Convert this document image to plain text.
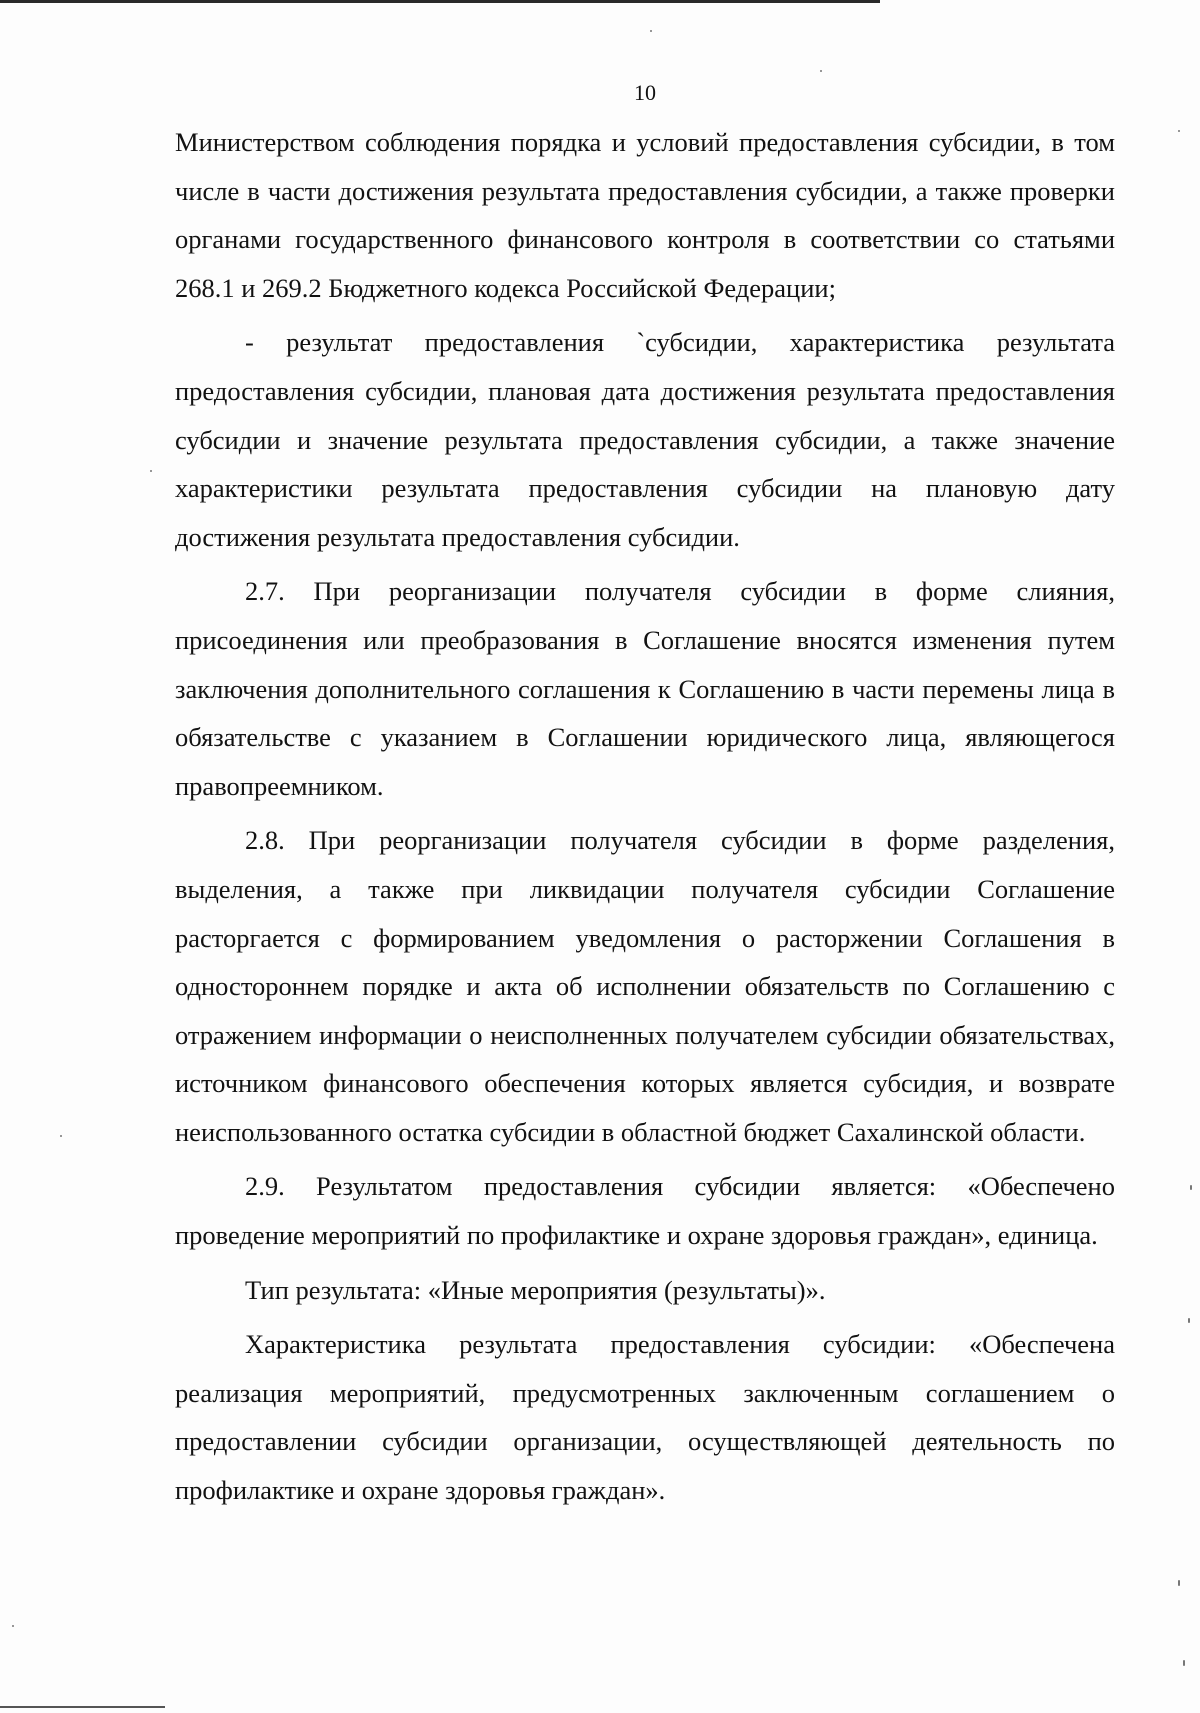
10

Министерством соблюдения порядка и условий предоставления субсидии, в том числе в части достижения результата предоставления субсидии, а также проверки органами государственного финансового контроля в соответствии со статьями 268.1 и 269.2 Бюджетного кодекса Российской Федерации;

- результат предоставления `субсидии, характеристика результата предоставления субсидии, плановая дата достижения результата предоставления субсидии и значение результата предоставления субсидии, а также значение характеристики результата предоставления субсидии на плановую дату достижения результата предоставления субсидии.

2.7. При реорганизации получателя субсидии в форме слияния, присоединения или преобразования в Соглашение вносятся изменения путем заключения дополнительного соглашения к Соглашению в части перемены лица в обязательстве с указанием в Соглашении юридического лица, являющегося правопреемником.

2.8. При реорганизации получателя субсидии в форме разделения, выделения, а также при ликвидации получателя субсидии Соглашение расторгается с формированием уведомления о расторжении Соглашения в одностороннем порядке и акта об исполнении обязательств по Соглашению с отражением информации о неисполненных получателем субсидии обязательствах, источником финансового обеспечения которых является субсидия, и возврате неиспользованного остатка субсидии в областной бюджет Сахалинской области.

2.9. Результатом предоставления субсидии является: «Обеспечено проведение мероприятий по профилактике и охране здоровья граждан», единица.

Тип результата: «Иные мероприятия (результаты)».

Характеристика результата предоставления субсидии: «Обеспечена реализация мероприятий, предусмотренных заключенным соглашением о предоставлении субсидии организации, осуществляющей деятельность по профилактике и охране здоровья граждан».
